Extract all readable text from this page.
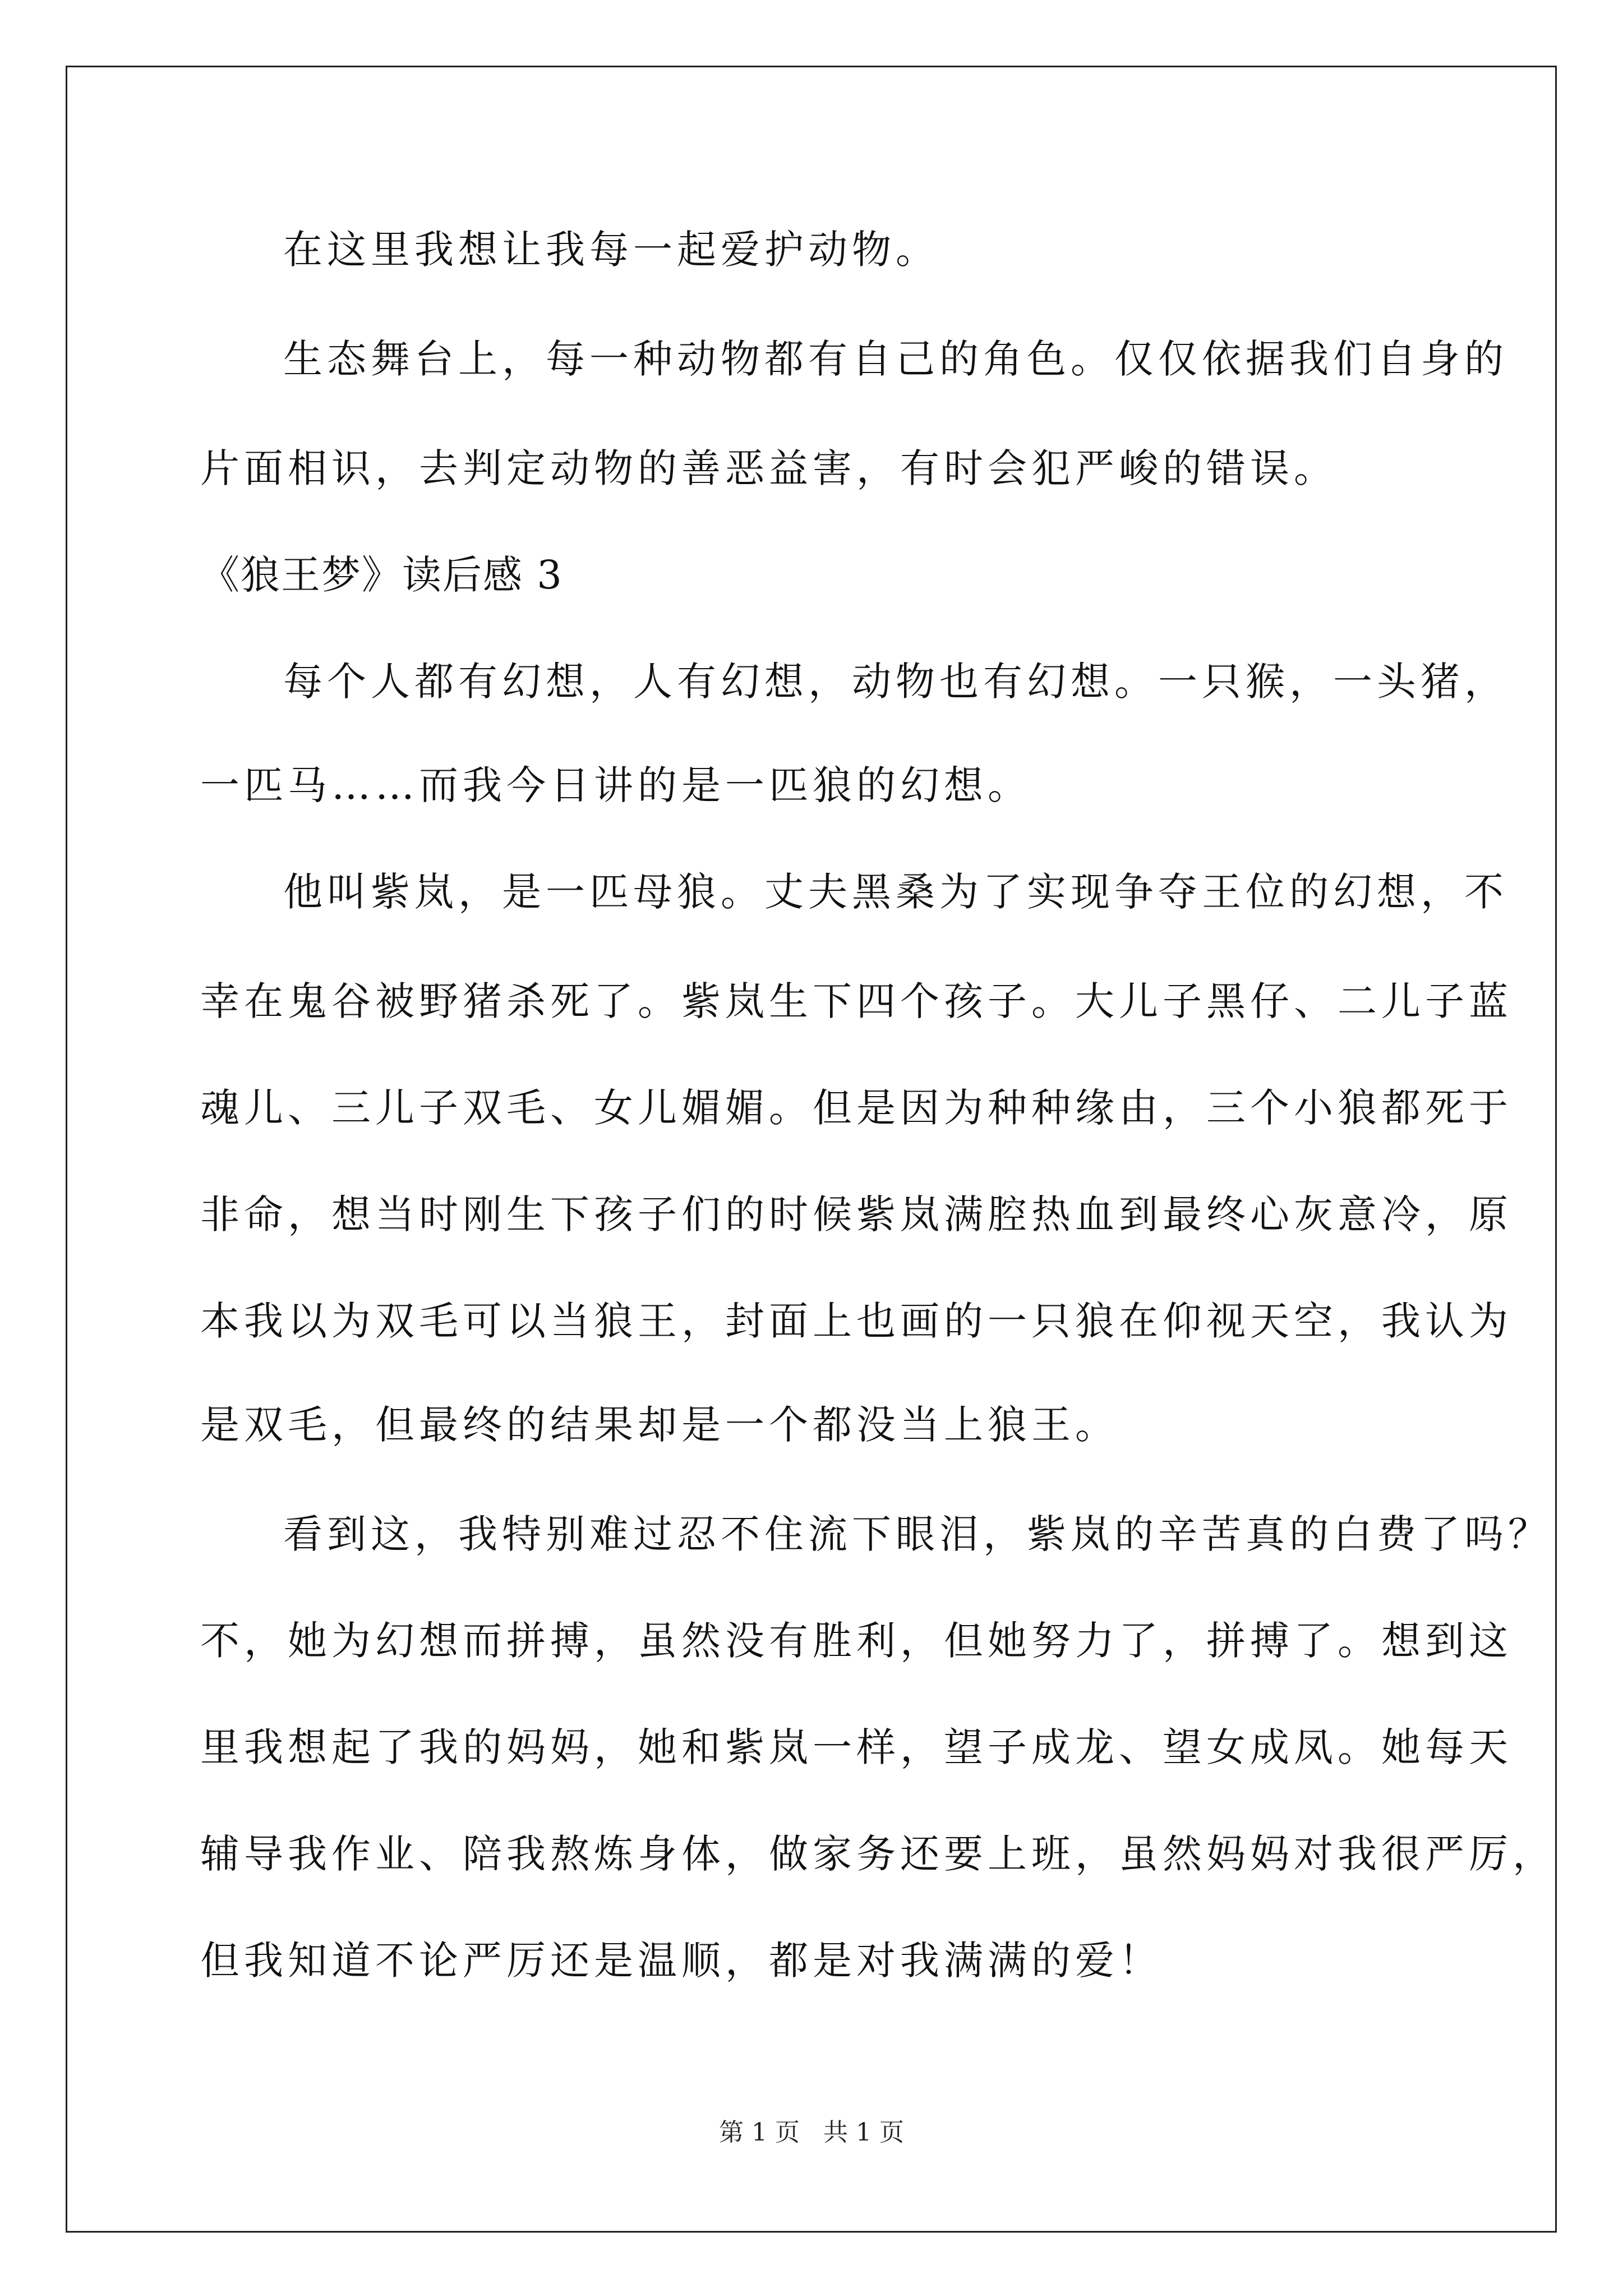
在这里我想让我每一起爱护动物。
生态舞台上，每一种动物都有自己的角色。仅仅依据我们自身的
片面相识，去判定动物的善恶益害，有时会犯严峻的错误。
《狼王梦》读后感 3
每个人都有幻想，人有幻想，动物也有幻想。一只猴，一头猪，
一匹马……而我今日讲的是一匹狼的幻想。
他叫紫岚，是一匹母狼。丈夫黑桑为了实现争夺王位的幻想，不
幸在鬼谷被野猪杀死了。紫岚生下四个孩子。大儿子黑仔、二儿子蓝
魂儿、三儿子双毛、女儿媚媚。但是因为种种缘由，三个小狼都死于
非命，想当时刚生下孩子们的时候紫岚满腔热血到最终心灰意冷，原
本我以为双毛可以当狼王，封面上也画的一只狼在仰视天空，我认为
是双毛，但最终的结果却是一个都没当上狼王。
看到这，我特别难过忍不住流下眼泪，紫岚的辛苦真的白费了吗？
不，她为幻想而拼搏，虽然没有胜利，但她努力了，拼搏了。想到这
里我想起了我的妈妈，她和紫岚一样，望子成龙、望女成凤。她每天
辅导我作业、陪我熬炼身体，做家务还要上班，虽然妈妈对我很严厉，
但我知道不论严厉还是温顺，都是对我满满的爱！
第 1 页   共 1 页
